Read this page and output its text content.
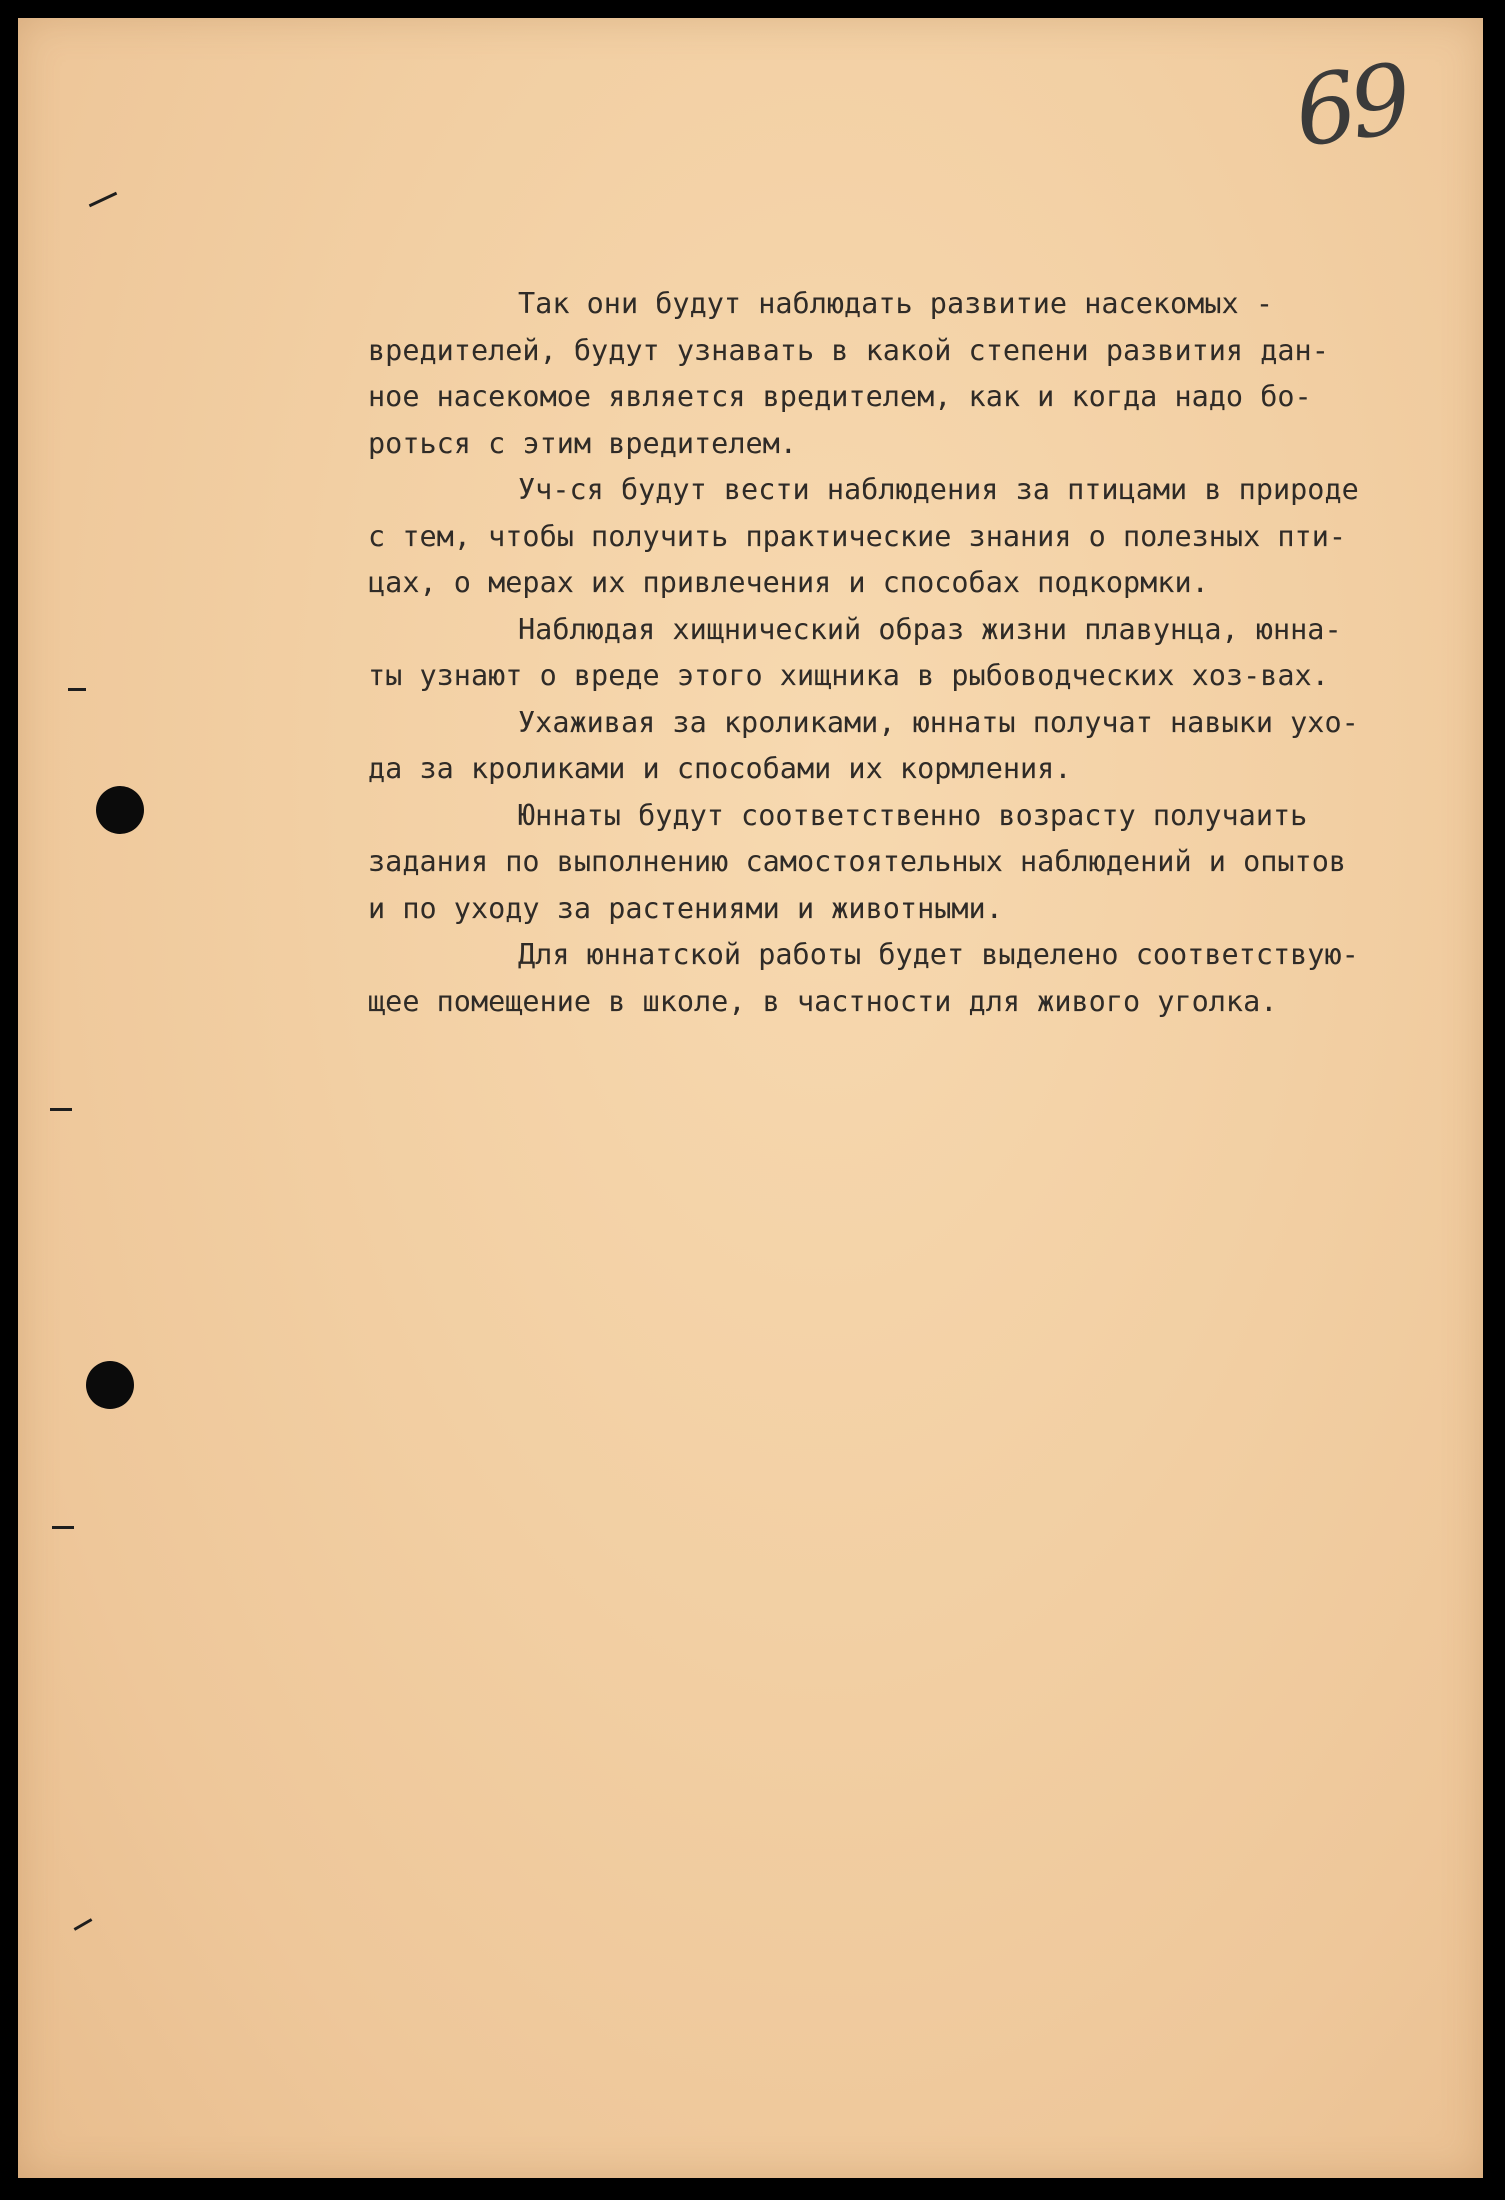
69
Так они будут наблюдать развитие насекомых -
вредителей, будут узнавать в какой степени развития дан-
ное насекомое является вредителем, как и когда надо бо-
роться с этим вредителем.
Уч-ся будут вести наблюдения за птицами в природе
с тем, чтобы получить практические знания о полезных пти-
цах, о мерах их привлечения и способах подкормки.
Наблюдая хищнический образ жизни плавунца, юнна-
ты узнают о вреде этого хищника в рыбоводческих хоз-вах.
Ухаживая за кроликами, юннаты получат навыки ухо-
да за кроликами и способами их кормления.
Юннаты будут соответственно возрасту получаить
задания по выполнению самостоятельных наблюдений и опытов
и по уходу за растениями и животными.
Для юннатской работы будет выделено соответствую-
щее помещение в школе, в частности для живого уголка.
